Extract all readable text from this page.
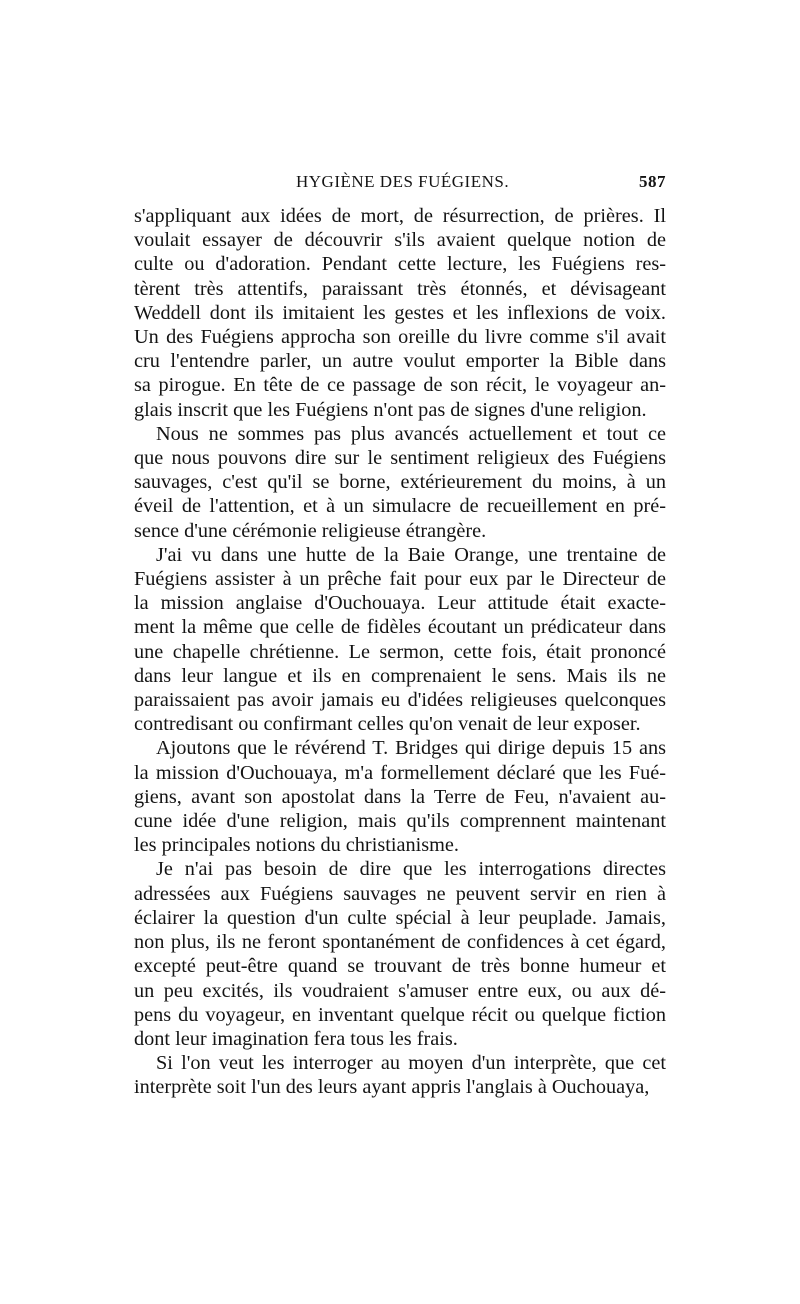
HYGIÈNE DES FUÉGIENS.	587
s'appliquant aux idées de mort, de résurrection, de prières. Il
voulait essayer de découvrir s'ils avaient quelque notion de
culte ou d'adoration. Pendant cette lecture, les Fuégiens res-
tèrent très attentifs, paraissant très étonnés, et dévisageant
Weddell dont ils imitaient les gestes et les inflexions de voix.
Un des Fuégiens approcha son oreille du livre comme s'il avait
cru l'entendre parler, un autre voulut emporter la Bible dans
sa pirogue. En tête de ce passage de son récit, le voyageur an-
glais inscrit que les Fuégiens n'ont pas de signes d'une religion.
Nous ne sommes pas plus avancés actuellement et tout ce
que nous pouvons dire sur le sentiment religieux des Fuégiens
sauvages, c'est qu'il se borne, extérieurement du moins, à un
éveil de l'attention, et à un simulacre de recueillement en pré-
sence d'une cérémonie religieuse étrangère.
J'ai vu dans une hutte de la Baie Orange, une trentaine de
Fuégiens assister à un prêche fait pour eux par le Directeur de
la mission anglaise d'Ouchouaya. Leur attitude était exacte-
ment la même que celle de fidèles écoutant un prédicateur dans
une chapelle chrétienne. Le sermon, cette fois, était prononcé
dans leur langue et ils en comprenaient le sens. Mais ils ne
paraissaient pas avoir jamais eu d'idées religieuses quelconques
contredisant ou confirmant celles qu'on venait de leur exposer.
Ajoutons que le révérend T. Bridges qui dirige depuis 15 ans
la mission d'Ouchouaya, m'a formellement déclaré que les Fué-
giens, avant son apostolat dans la Terre de Feu, n'avaient au-
cune idée d'une religion, mais qu'ils comprennent maintenant
les principales notions du christianisme.
Je n'ai pas besoin de dire que les interrogations directes
adressées aux Fuégiens sauvages ne peuvent servir en rien à
éclairer la question d'un culte spécial à leur peuplade. Jamais,
non plus, ils ne feront spontanément de confidences à cet égard,
excepté peut-être quand se trouvant de très bonne humeur et
un peu excités, ils voudraient s'amuser entre eux, ou aux dé-
pens du voyageur, en inventant quelque récit ou quelque fiction
dont leur imagination fera tous les frais.
Si l'on veut les interroger au moyen d'un interprète, que cet
interprète soit l'un des leurs ayant appris l'anglais à Ouchouaya,
